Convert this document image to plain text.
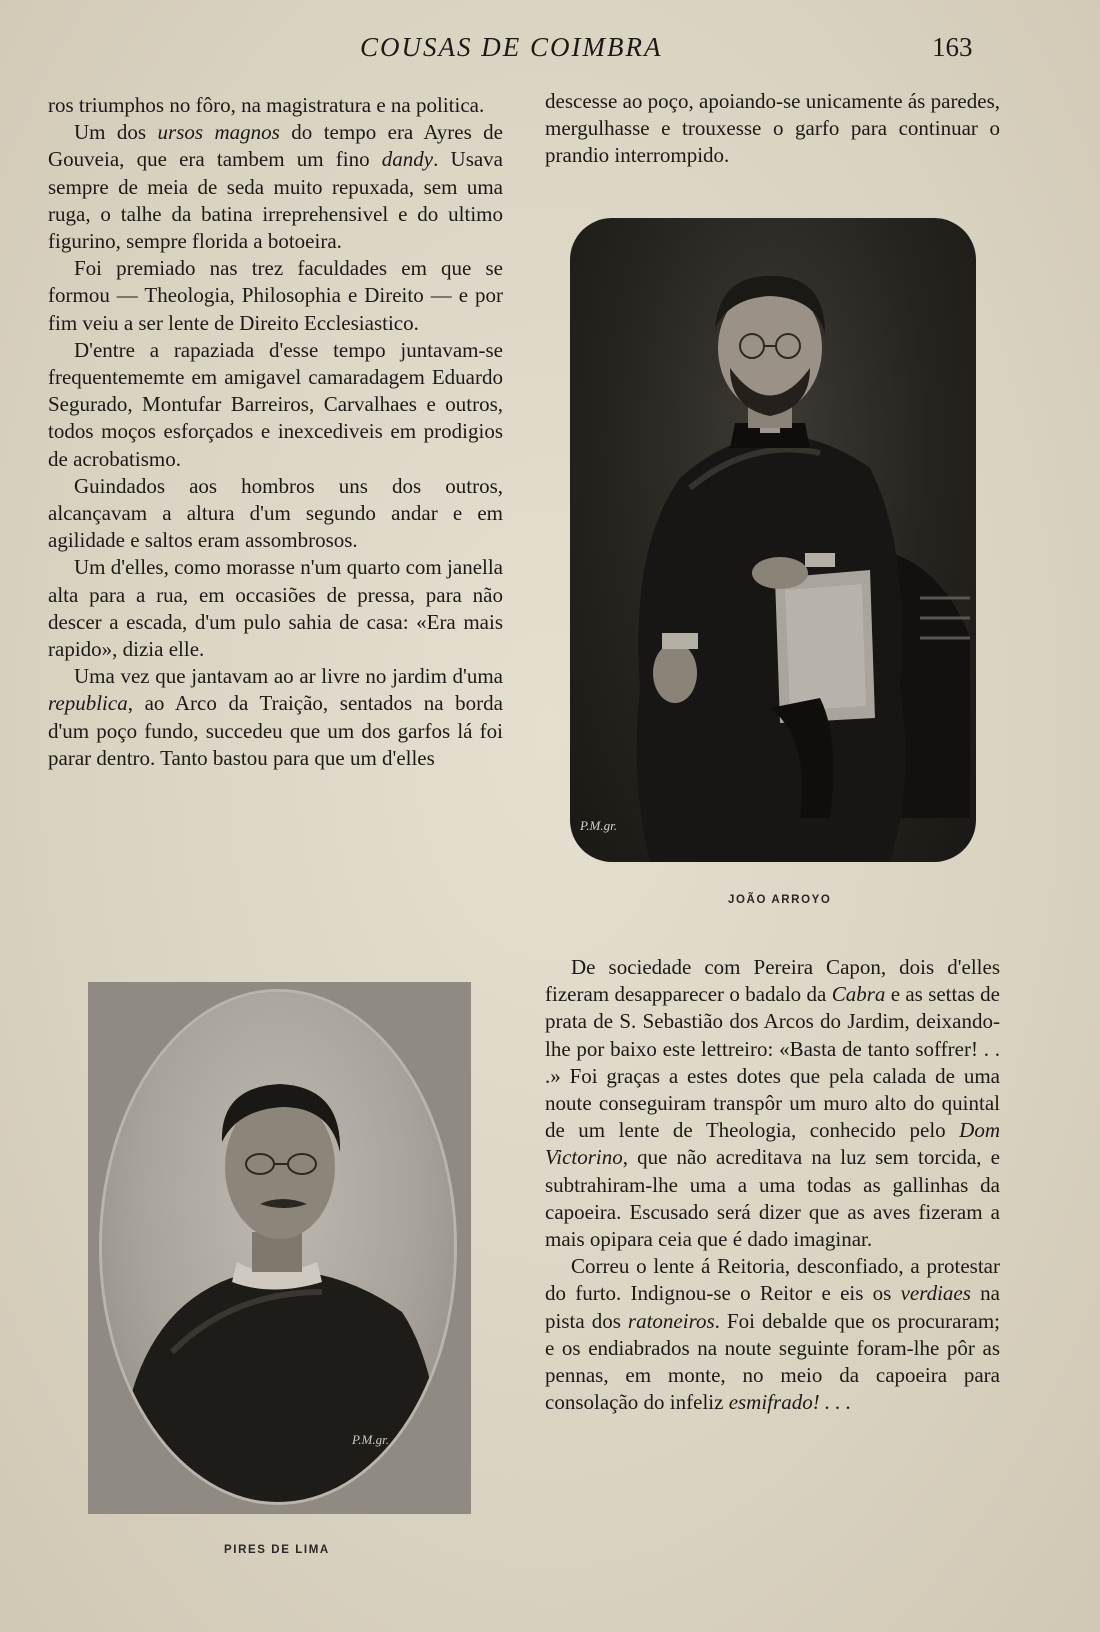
COUSAS DE COIMBRA	163

ros triumphos no fôro, na magistratura e na politica.

Um dos ursos magnos do tempo era Ayres de Gouveia, que era tambem um fino dandy. Usava sempre de meia de seda muito repuxada, sem uma ruga, o talhe da batina irreprehensivel e do ultimo figurino, sempre florida a botoeira.

Foi premiado nas trez faculdades em que se formou — Theologia, Philosophia e Direito — e por fim veiu a ser lente de Direito Ecclesiastico.

D'entre a rapaziada d'esse tempo juntavam-se frequentememte em amigavel camaradagem Eduardo Segurado, Montufar Barreiros, Carvalhaes e outros, todos moços esforçados e inexcediveis em prodigios de acrobatismo.

Guindados aos hombros uns dos outros, alcançavam a altura d'um segundo andar e em agilidade e saltos eram assombrosos.

Um d'elles, como morasse n'um quarto com janella alta para a rua, em occasiões de pressa, para não descer a escada, d'um pulo sahia de casa: «Era mais rapido», dizia elle.

Uma vez que jantavam ao ar livre no jardim d'uma republica, ao Arco da Traição, sentados na borda d'um poço fundo, succedeu que um dos garfos lá foi parar dentro. Tanto bastou para que um d'elles

descesse ao poço, apoiando-se unicamente ás paredes, mergulhasse e trouxesse o garfo para continuar o prandio interrompido.

P.M.gr.
JOÃO ARROYO

De sociedade com Pereira Capon, dois d'elles fizeram desapparecer o badalo da Cabra e as settas de prata de S. Sebastião dos Arcos do Jardim, deixando-lhe por baixo este lettreiro: «Basta de tanto soffrer! . . .» Foi graças a estes dotes que pela calada de uma noute conseguiram transpôr um muro alto do quintal de um lente de Theologia, conhecido pelo Dom Victorino, que não acreditava na luz sem torcida, e subtrahiram-lhe uma a uma todas as gallinhas da capoeira. Escusado será dizer que as aves fizeram a mais opipara ceia que é dado imaginar.

Correu o lente á Reitoria, desconfiado, a protestar do furto. Indignou-se o Reitor e eis os verdiaes na pista dos ratoneiros. Foi debalde que os procuraram; e os endiabrados na noute seguinte foram-lhe pôr as pennas, em monte, no meio da capoeira para consolação do infeliz esmifrado! . . .

P.M.gr.
PIRES DE LIMA
